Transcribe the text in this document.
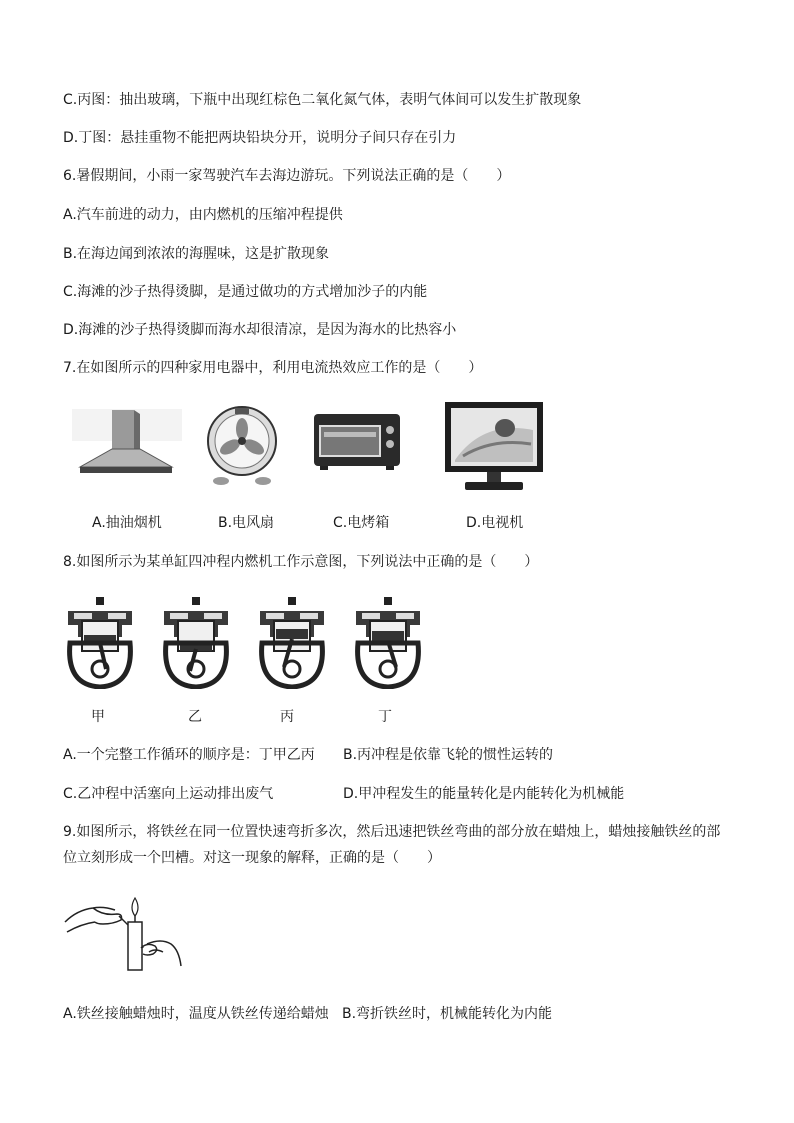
C.丙图：抽出玻璃，下瓶中出现红棕色二氧化氮气体，表明气体间可以发生扩散现象
D.丁图：悬挂重物不能把两块铅块分开，说明分子间只存在引力
6.暑假期间，小雨一家驾驶汽车去海边游玩。下列说法正确的是（　　）
A.汽车前进的动力，由内燃机的压缩冲程提供
B.在海边闻到浓浓的海腥味，这是扩散现象
C.海滩的沙子热得烫脚，是通过做功的方式增加沙子的内能
D.海滩的沙子热得烫脚而海水却很清凉，是因为海水的比热容小
7.在如图所示的四种家用电器中，利用电流热效应工作的是（　　）
A.抽油烟机	B.电风扇	C.电烤箱	D.电视机
8.如图所示为某单缸四冲程内燃机工作示意图，下列说法中正确的是（　　）
甲	乙	丙	丁
A.一个完整工作循环的顺序是：丁甲乙丙 B.丙冲程是依靠飞轮的惯性运转的
C.乙冲程中活塞向上运动排出废气	D.甲冲程发生的能量转化是内能转化为机械能
9.如图所示，将铁丝在同一位置快速弯折多次，然后迅速把铁丝弯曲的部分放在蜡烛上，蜡烛接触铁丝的部
位立刻形成一个凹槽。对这一现象的解释，正确的是（　　）
A.铁丝接触蜡烛时，温度从铁丝传递给蜡烛 B.弯折铁丝时，机械能转化为内能
